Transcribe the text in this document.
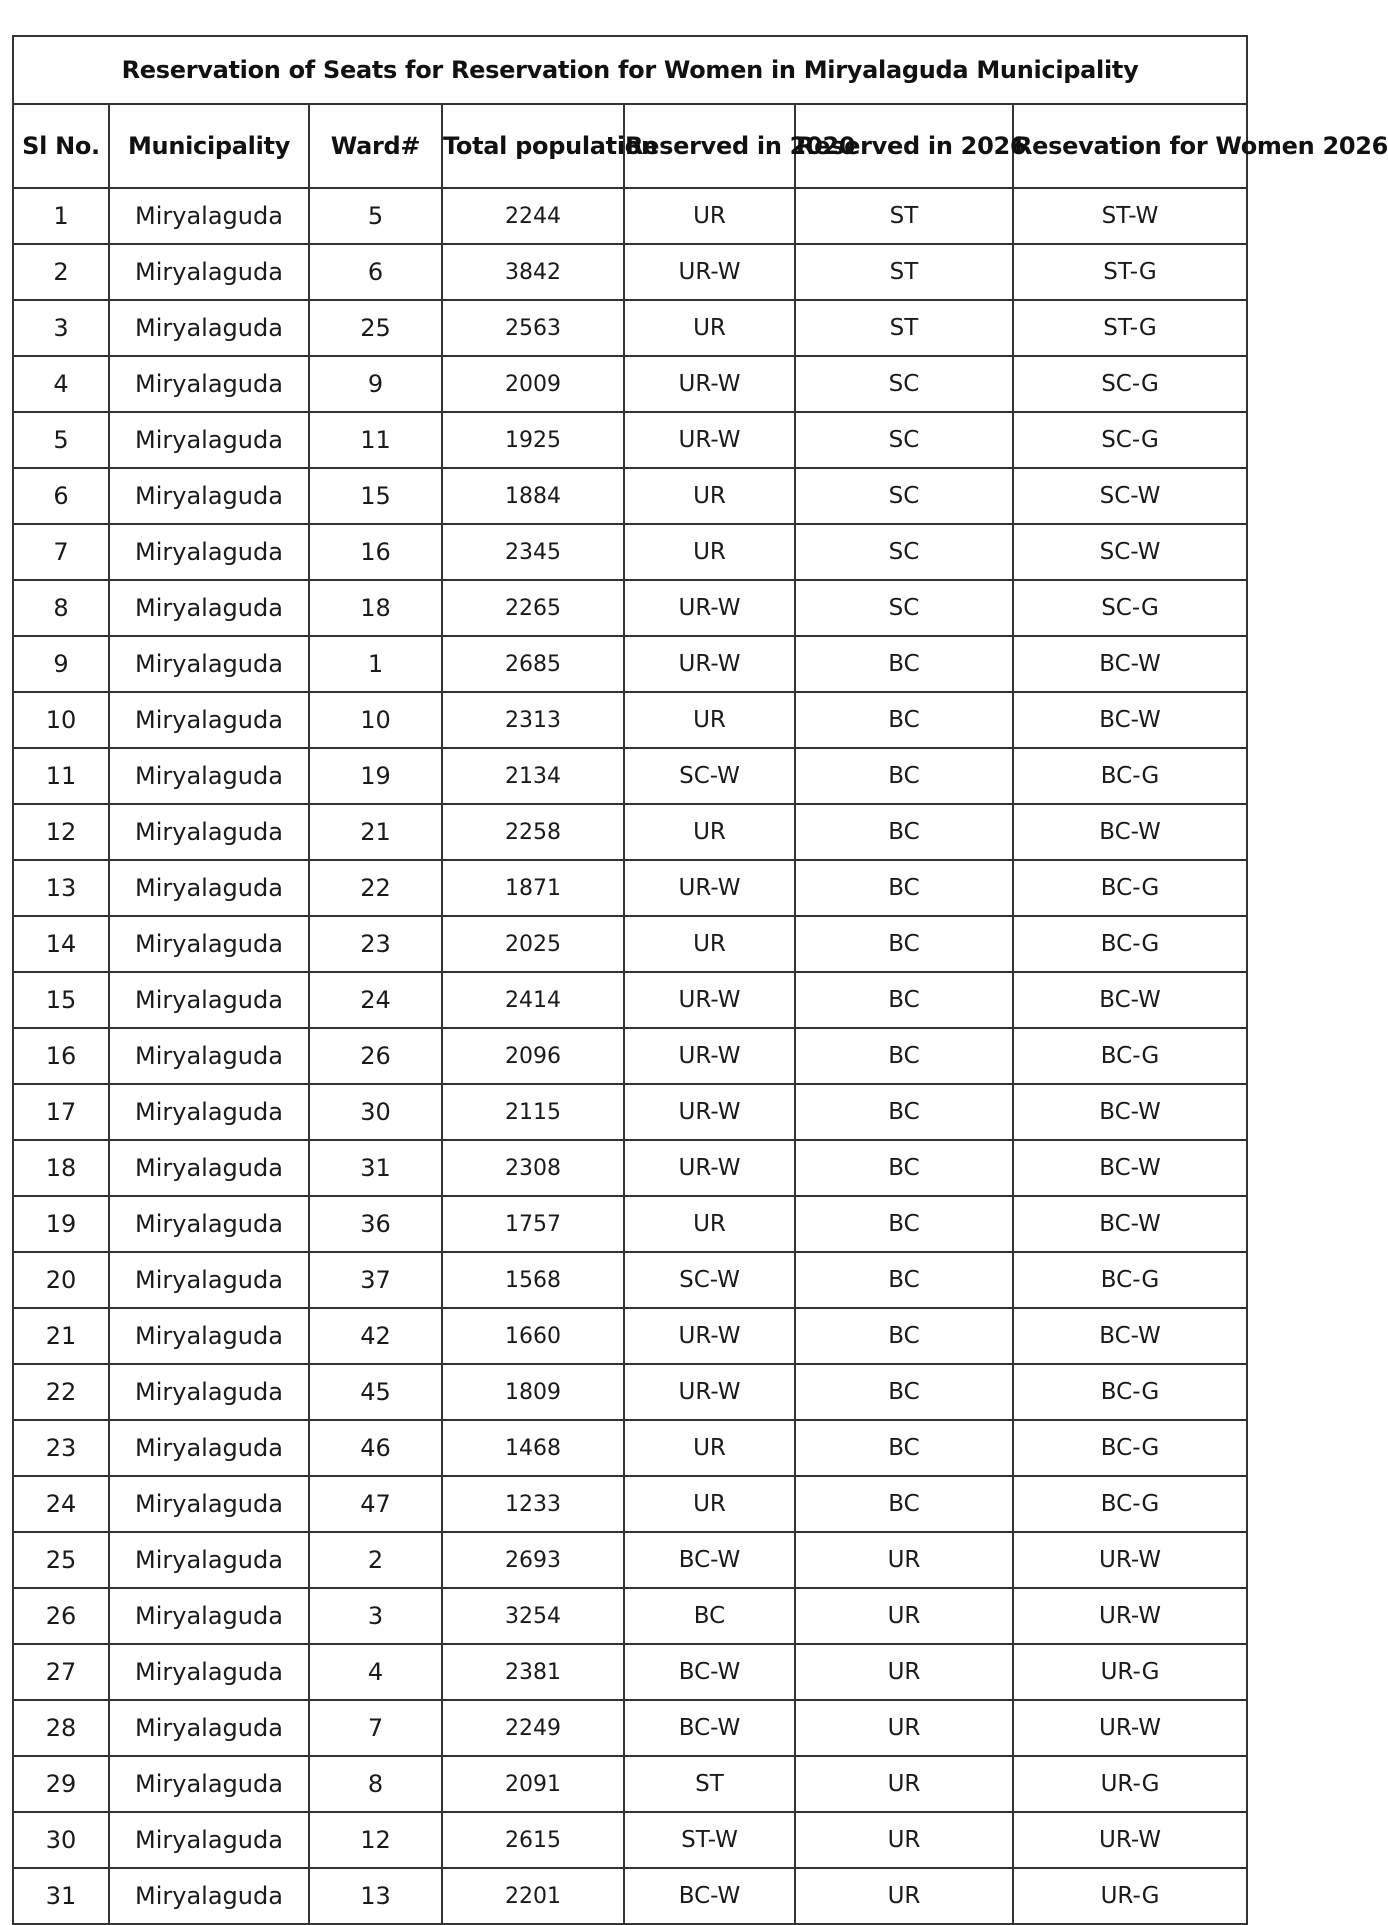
Reservation of Seats for Reservation for Women in Miryalaguda Municipality						
Sl No.	Municipality	Ward#	Total population	Reserved in 2020	Reserved in 2026	Resevation for Women 2026
1	Miryalaguda	5	2244	UR	ST	ST-W
2	Miryalaguda	6	3842	UR-W	ST	ST-G
3	Miryalaguda	25	2563	UR	ST	ST-G
4	Miryalaguda	9	2009	UR-W	SC	SC-G
5	Miryalaguda	11	1925	UR-W	SC	SC-G
6	Miryalaguda	15	1884	UR	SC	SC-W
7	Miryalaguda	16	2345	UR	SC	SC-W
8	Miryalaguda	18	2265	UR-W	SC	SC-G
9	Miryalaguda	1	2685	UR-W	BC	BC-W
10	Miryalaguda	10	2313	UR	BC	BC-W
11	Miryalaguda	19	2134	SC-W	BC	BC-G
12	Miryalaguda	21	2258	UR	BC	BC-W
13	Miryalaguda	22	1871	UR-W	BC	BC-G
14	Miryalaguda	23	2025	UR	BC	BC-G
15	Miryalaguda	24	2414	UR-W	BC	BC-W
16	Miryalaguda	26	2096	UR-W	BC	BC-G
17	Miryalaguda	30	2115	UR-W	BC	BC-W
18	Miryalaguda	31	2308	UR-W	BC	BC-W
19	Miryalaguda	36	1757	UR	BC	BC-W
20	Miryalaguda	37	1568	SC-W	BC	BC-G
21	Miryalaguda	42	1660	UR-W	BC	BC-W
22	Miryalaguda	45	1809	UR-W	BC	BC-G
23	Miryalaguda	46	1468	UR	BC	BC-G
24	Miryalaguda	47	1233	UR	BC	BC-G
25	Miryalaguda	2	2693	BC-W	UR	UR-W
26	Miryalaguda	3	3254	BC	UR	UR-W
27	Miryalaguda	4	2381	BC-W	UR	UR-G
28	Miryalaguda	7	2249	BC-W	UR	UR-W
29	Miryalaguda	8	2091	ST	UR	UR-G
30	Miryalaguda	12	2615	ST-W	UR	UR-W
31	Miryalaguda	13	2201	BC-W	UR	UR-G
